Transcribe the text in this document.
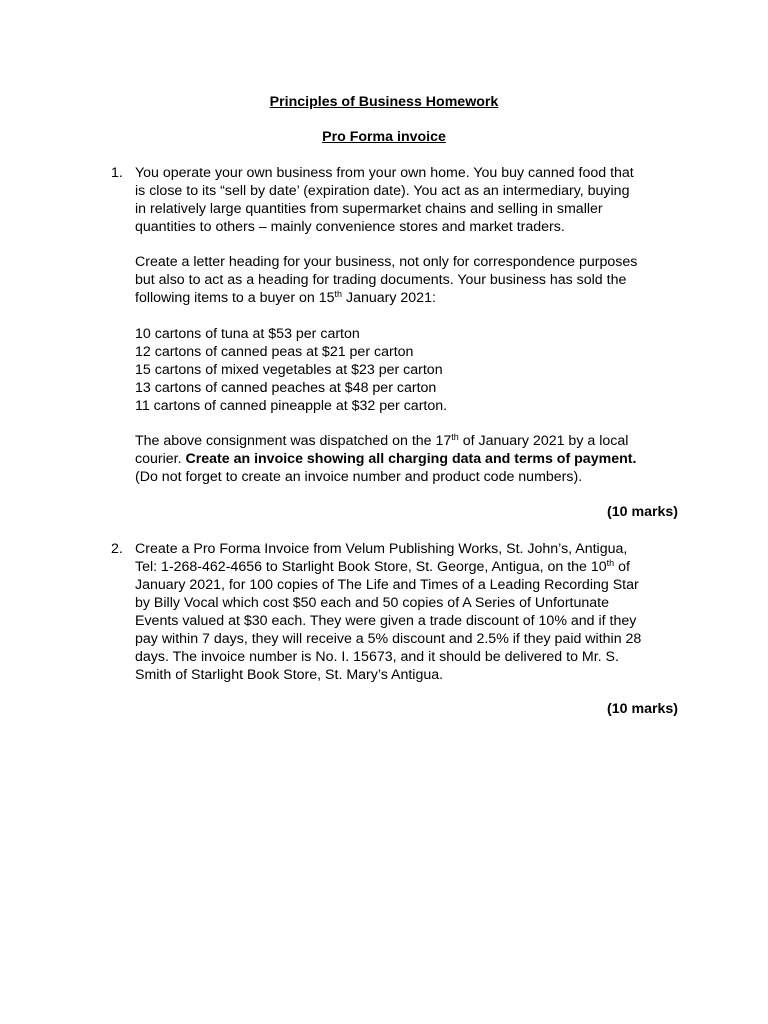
Principles of Business Homework
Pro Forma invoice
1. You operate your own business from your own home. You buy canned food that
is close to its “sell by date’ (expiration date). You act as an intermediary, buying
in relatively large quantities from supermarket chains and selling in smaller
quantities to others – mainly convenience stores and market traders.
Create a letter heading for your business, not only for correspondence purposes
but also to act as a heading for trading documents. Your business has sold the
following items to a buyer on 15th January 2021:
10 cartons of tuna at $53 per carton
12 cartons of canned peas at $21 per carton
15 cartons of mixed vegetables at $23 per carton
13 cartons of canned peaches at $48 per carton
11 cartons of canned pineapple at $32 per carton.
The above consignment was dispatched on the 17th of January 2021 by a local
courier. Create an invoice showing all charging data and terms of payment.
(Do not forget to create an invoice number and product code numbers).
(10 marks)
2. Create a Pro Forma Invoice from Velum Publishing Works, St. John’s, Antigua,
Tel: 1-268-462-4656 to Starlight Book Store, St. George, Antigua, on the 10th of
January 2021, for 100 copies of The Life and Times of a Leading Recording Star
by Billy Vocal which cost $50 each and 50 copies of A Series of Unfortunate
Events valued at $30 each. They were given a trade discount of 10% and if they
pay within 7 days, they will receive a 5% discount and 2.5% if they paid within 28
days. The invoice number is No. I. 15673, and it should be delivered to Mr. S.
Smith of Starlight Book Store, St. Mary’s Antigua.
(10 marks)
